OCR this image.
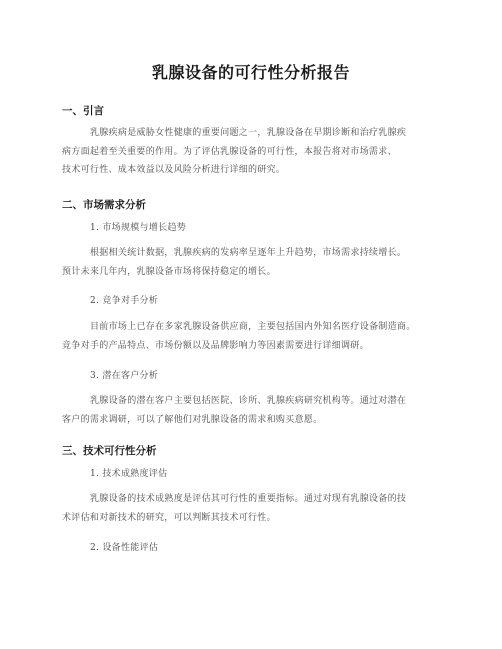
乳腺设备的可行性分析报告
一、引言
乳腺疾病是威胁女性健康的重要问题之一，乳腺设备在早期诊断和治疗乳腺疾
病方面起着至关重要的作用。为了评估乳腺设备的可行性，本报告将对市场需求、
技术可行性、成本效益以及风险分析进行详细的研究。
二、市场需求分析
1. 市场规模与增长趋势
根据相关统计数据，乳腺疾病的发病率呈逐年上升趋势，市场需求持续增长。
预计未来几年内，乳腺设备市场将保持稳定的增长。
2. 竞争对手分析
目前市场上已存在多家乳腺设备供应商，主要包括国内外知名医疗设备制造商。
竞争对手的产品特点、市场份额以及品牌影响力等因素需要进行详细调研。
3. 潜在客户分析
乳腺设备的潜在客户主要包括医院、诊所、乳腺疾病研究机构等。通过对潜在
客户的需求调研，可以了解他们对乳腺设备的需求和购买意愿。
三、技术可行性分析
1. 技术成熟度评估
乳腺设备的技术成熟度是评估其可行性的重要指标。通过对现有乳腺设备的技
术评估和对新技术的研究，可以判断其技术可行性。
2. 设备性能评估
